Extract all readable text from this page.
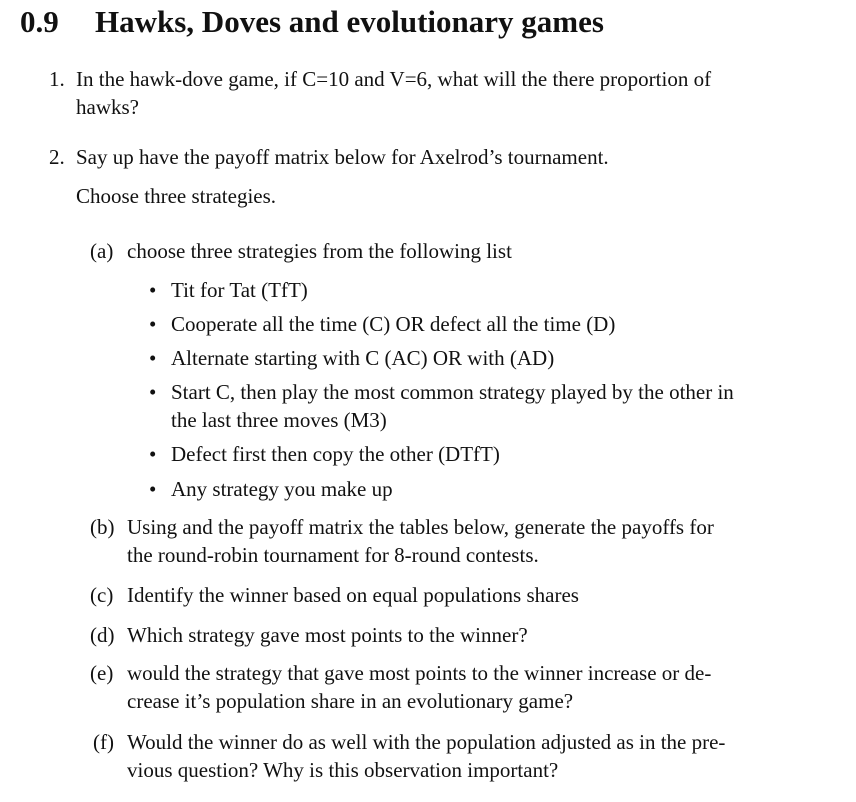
0.9 Hawks, Doves and evolutionary games
1. In the hawk-dove game, if C=10 and V=6, what will the there proportion of
hawks?
2. Say up have the payoff matrix below for Axelrod’s tournament.
Choose three strategies.
(a) choose three strategies from the following list
• Tit for Tat (TfT)
• Cooperate all the time (C) OR defect all the time (D)
• Alternate starting with C (AC) OR with (AD)
• Start C, then play the most common strategy played by the other in
the last three moves (M3)
• Defect first then copy the other (DTfT)
• Any strategy you make up
(b) Using and the payoff matrix the tables below, generate the payoffs for
the round-robin tournament for 8-round contests.
(c) Identify the winner based on equal populations shares
(d) Which strategy gave most points to the winner?
(e) would the strategy that gave most points to the winner increase or de-
crease it’s population share in an evolutionary game?
(f) Would the winner do as well with the population adjusted as in the pre-
vious question? Why is this observation important?
